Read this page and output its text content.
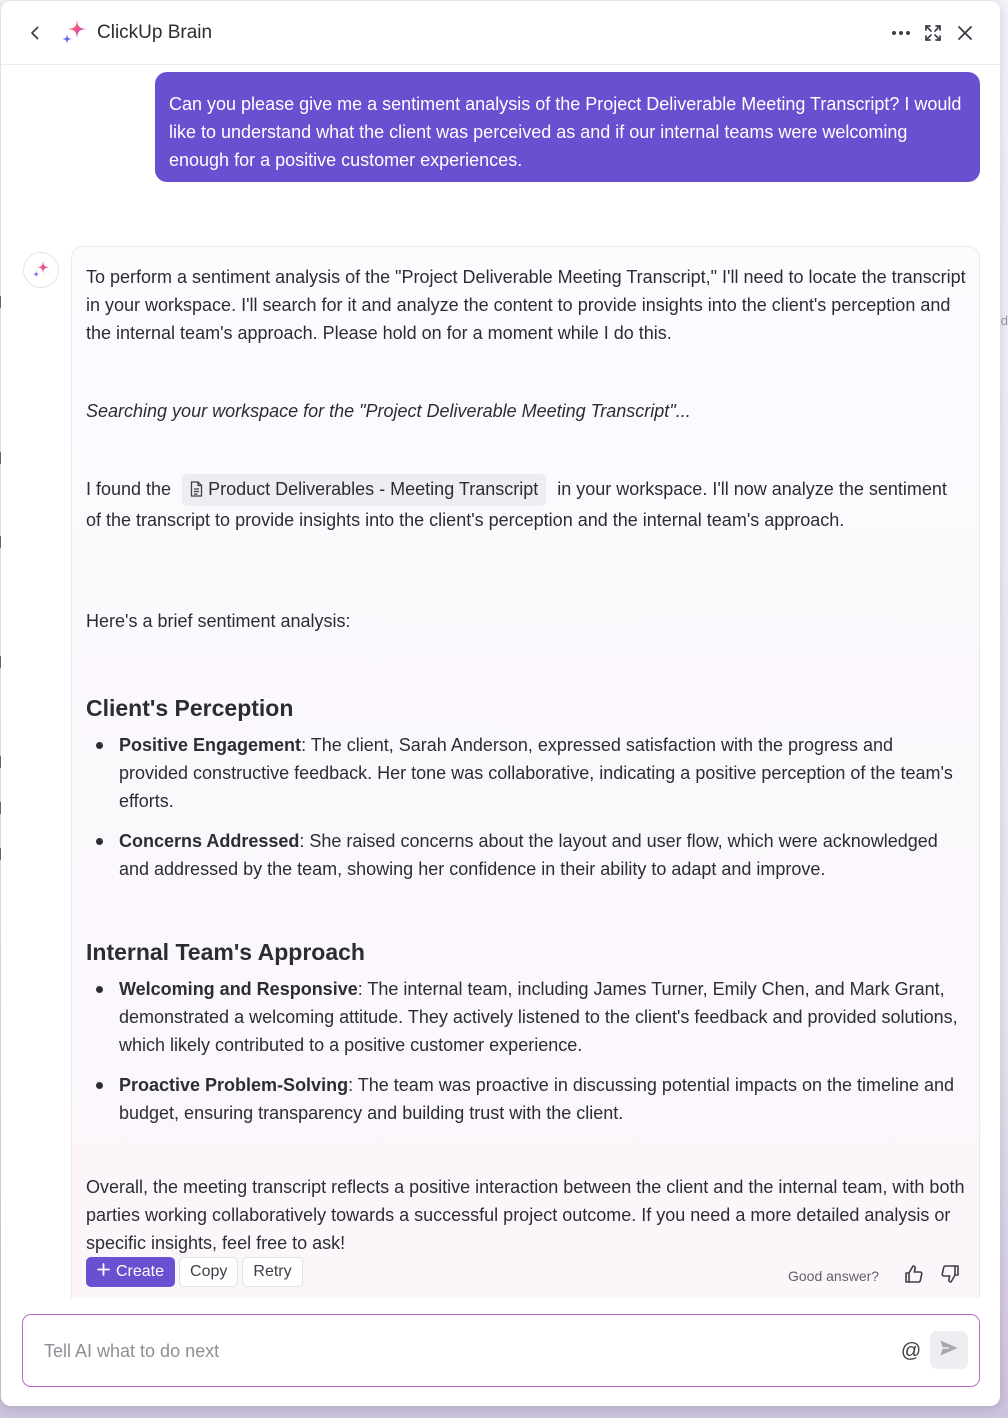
d
ClickUp Brain
Can you please give me a sentiment analysis of the Project Deliverable Meeting Transcript? I would like to understand what the client was perceived as and if our internal teams were welcoming enough for a positive customer experiences.
To perform a sentiment analysis of the "Project Deliverable Meeting Transcript," I'll need to locate the transcript in your workspace. I'll search for it and analyze the content to provide insights into the client's perception and the internal team's approach. Please hold on for a moment while I do this.
Searching your workspace for the "Project Deliverable Meeting Transcript"...
I found the Product Deliverables - Meeting Transcript in your workspace. I'll now analyze the sentiment of the transcript to provide insights into the client's perception and the internal team's approach.
Here's a brief sentiment analysis:
Client's Perception
Positive Engagement: The client, Sarah Anderson, expressed satisfaction with the progress and provided constructive feedback. Her tone was collaborative, indicating a positive perception of the team's efforts.
Concerns Addressed: She raised concerns about the layout and user flow, which were acknowledged and addressed by the team, showing her confidence in their ability to adapt and improve.
Internal Team's Approach
Welcoming and Responsive: The internal team, including James Turner, Emily Chen, and Mark Grant, demonstrated a welcoming attitude. They actively listened to the client's feedback and provided solutions, which likely contributed to a positive customer experience.
Proactive Problem-Solving: The team was proactive in discussing potential impacts on the timeline and budget, ensuring transparency and building trust with the client.
Overall, the meeting transcript reflects a positive interaction between the client and the internal team, with both parties working collaboratively towards a successful project outcome. If you need a more detailed analysis or specific insights, feel free to ask!
Create	Copy	Retry	Good answer?
Tell AI what to do next
@
